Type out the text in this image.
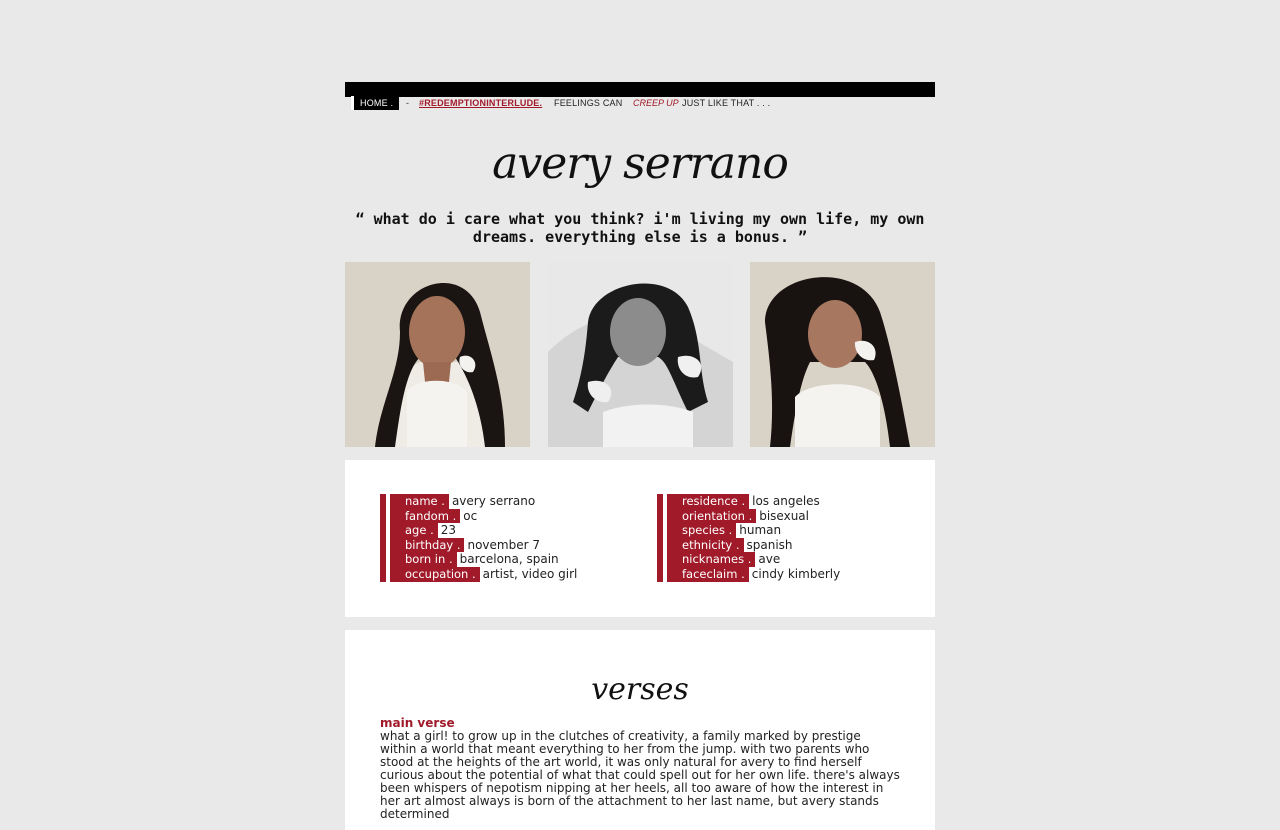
HOME .	- #REDEMPTIONINTERLUDE. FEELINGS CAN CREEP UP JUST LIKE THAT . . .
avery serrano
“ what do i care what you think? i'm living my own life, my own dreams. everything else is a bonus. ”
name . avery serrano
fandom . oc
age . 23
birthday . november 7
born in . barcelona, spain
occupation . artist, video girl
residence . los angeles
orientation . bisexual
species . human
ethnicity . spanish
nicknames . ave
faceclaim . cindy kimberly
verses
main verse
what a girl! to grow up in the clutches of creativity, a family marked by prestige within a world that meant everything to her from the jump. with two parents who stood at the heights of the art world, it was only natural for avery to find herself curious about the potential of what that could spell out for her own life. there's always been whispers of nepotism nipping at her heels, all too aware of how the interest in her art almost always is born of the attachment to her last name, but avery stands determined
